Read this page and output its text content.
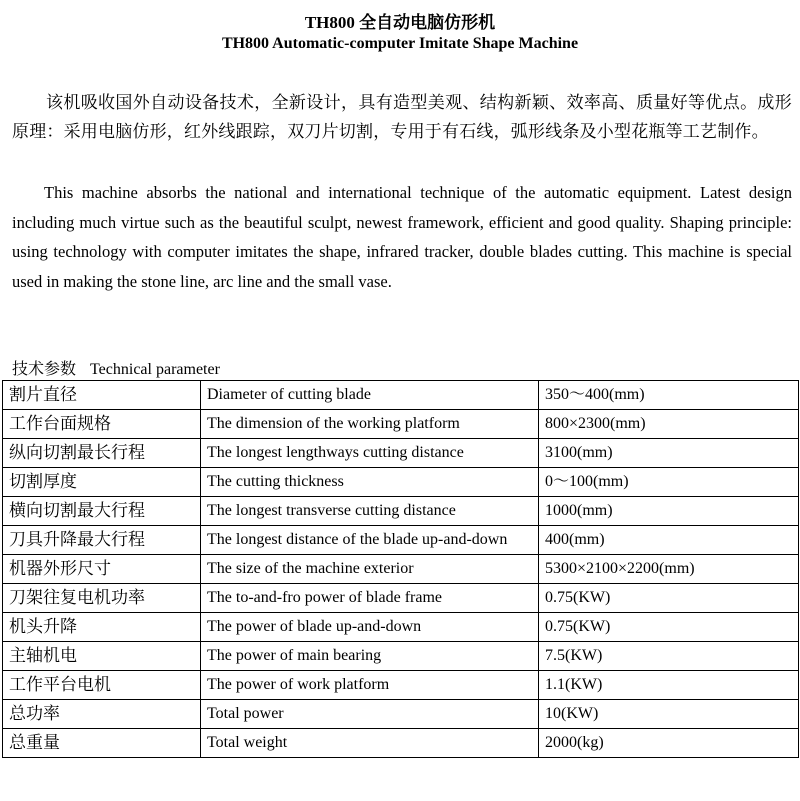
TH800 全自动电脑仿形机
TH800 Automatic-computer Imitate Shape Machine

该机吸收国外自动设备技术，全新设计，具有造型美观、结构新颖、效率高、质量好等优点。成形原理：采用电脑仿形，红外线跟踪，双刀片切割，专用于有石线，弧形线条及小型花瓶等工艺制作。

This machine absorbs the national and international technique of the automatic equipment. Latest design including much virtue such as the beautiful sculpt, newest framework, efficient and good quality. Shaping principle: using technology with computer imitates the shape, infrared tracker, double blades cutting. This machine is special used in making the stone line, arc line and the small vase.

技术参数 Technical parameter
割片直径	Diameter of cutting blade	350～400(mm)
工作台面规格	The dimension of the working platform	800×2300(mm)
纵向切割最长行程	The longest lengthways cutting distance	3100(mm)
切割厚度	The cutting thickness	0～100(mm)
横向切割最大行程	The longest transverse cutting distance	1000(mm)
刀具升降最大行程	The longest distance of the blade up-and-down	400(mm)
机器外形尺寸	The size of the machine exterior	5300×2100×2200(mm)
刀架往复电机功率	The to-and-fro power of blade frame	0.75(KW)
机头升降	The power of blade up-and-down	0.75(KW)
主轴机电	The power of main bearing	7.5(KW)
工作平台电机	The power of work platform	1.1(KW)
总功率	Total power	10(KW)
总重量	Total weight	2000(kg)
